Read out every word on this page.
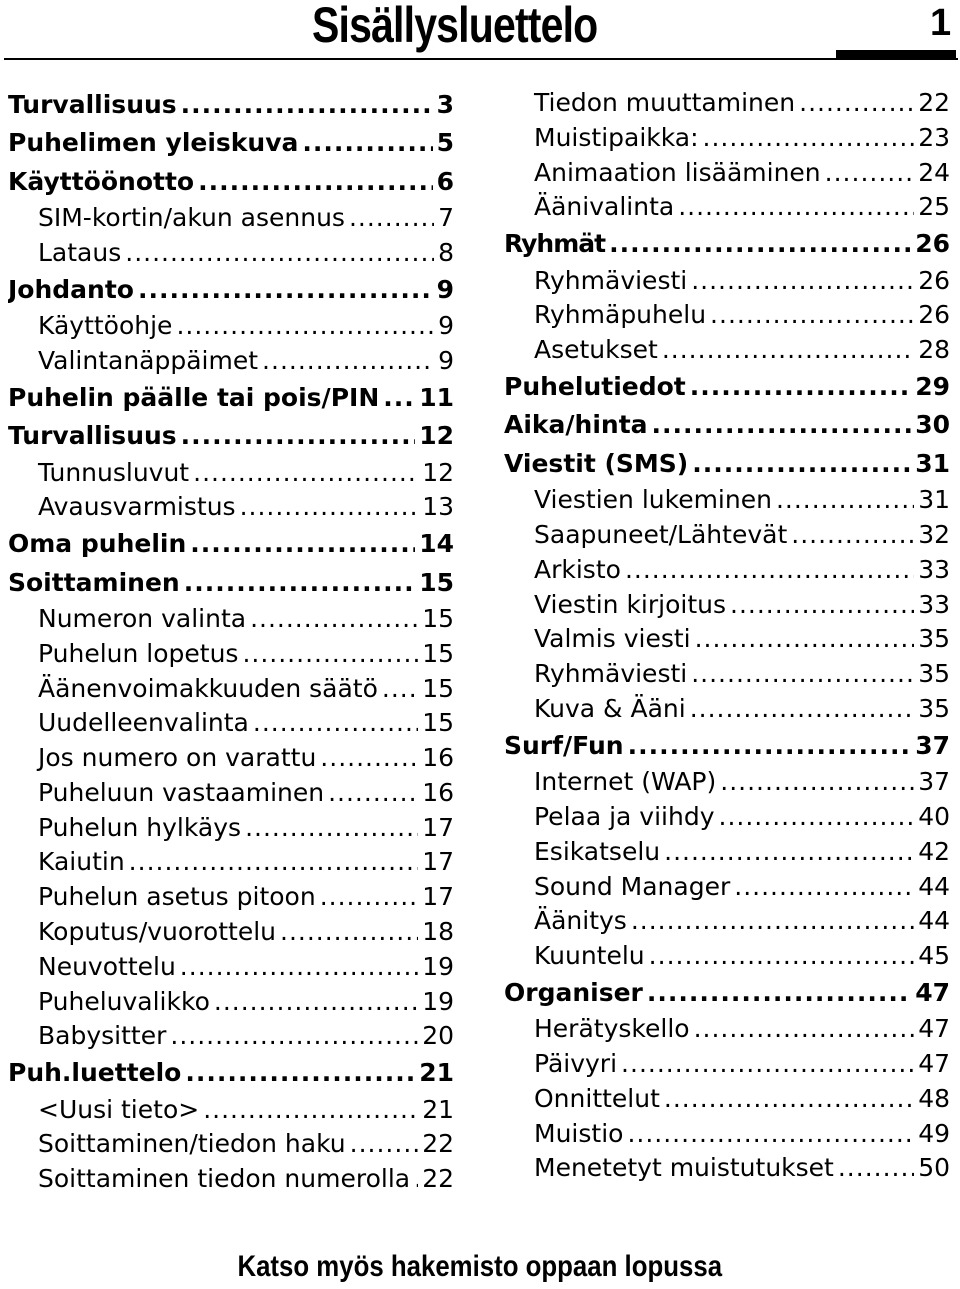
Sisällysluettelo	1
Turvallisuus .....	3
Puhelimen yleiskuva .....	5
Käyttöönotto .....	6
SIM-kortin/akun asennus .....	7
Lataus .....	8
Johdanto .....	9
Käyttöohje .....	9
Valintanäppäimet .....	9
Puhelin päälle tai pois/PIN ..... 11
Turvallisuus .....	12
Tunnusluvut .....	12
Avausvarmistus .....	13
Oma puhelin .....	14
Soittaminen .....	15
Numeron valinta .....	15
Puhelun lopetus .....	15
Äänenvoimakkuuden säätö ..... 15
Uudelleenvalinta .....	15
Jos numero on varattu .....	16
Puheluun vastaaminen .....	16
Puhelun hylkäys .....	17
Kaiutin .....	17
Puhelun asetus pitoon .....	17
Koputus/vuorottelu .....	18
Neuvottelu .....	19
Puheluvalikko .....	19
Babysitter .....	20
Puh.luettelo .....	21
<Uusi tieto> .....	21
Soittaminen/tiedon haku .....	22
Soittaminen tiedon numerolla ..... 22
Tiedon muuttaminen .....	22
Muistipaikka: .....	23
Animaation lisääminen .....	24
Äänivalinta .....	25
Ryhmät .....	26
Ryhmäviesti .....	26
Ryhmäpuhelu .....	26
Asetukset .....	28
Puhelutiedot .....	29
Aika/hinta .....	30
Viestit (SMS) .....	31
Viestien lukeminen .....	31
Saapuneet/Lähtevät .....	32
Arkisto .....	33
Viestin kirjoitus .....	33
Valmis viesti .....	35
Ryhmäviesti .....	35
Kuva & Ääni .....	35
Surf/Fun .....	37
Internet (WAP) .....	37
Pelaa ja viihdy .....	40
Esikatselu .....	42
Sound Manager .....	44
Äänitys .....	44
Kuuntelu .....	45
Organiser .....	47
Herätyskello .....	47
Päivyri .....	47
Onnittelut .....	48
Muistio .....	49
Menetetyt muistutukset .....	50
Katso myös hakemisto oppaan lopussa
